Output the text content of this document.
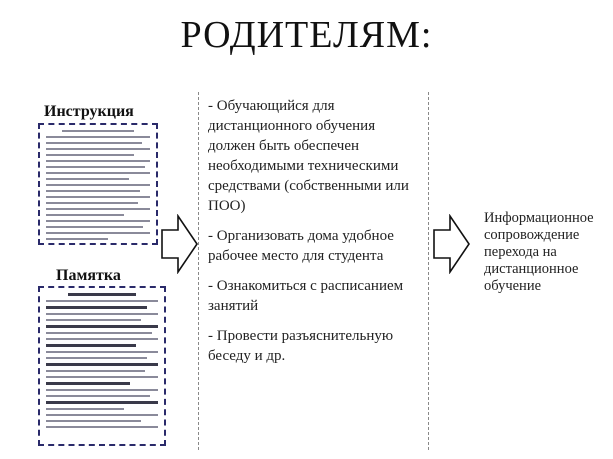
РОДИТЕЛЯМ:
Инструкция
Памятка

- Обучающийся для дистанционного обучения должен быть обеспечен необходимыми техническими средствами (собственными или ПОО)

- Организовать дома удобное рабочее место для студента

- Ознакомиться с расписанием занятий

- Провести разъяснительную беседу и др.

Информационное сопровождение перехода на дистанционное обучение
